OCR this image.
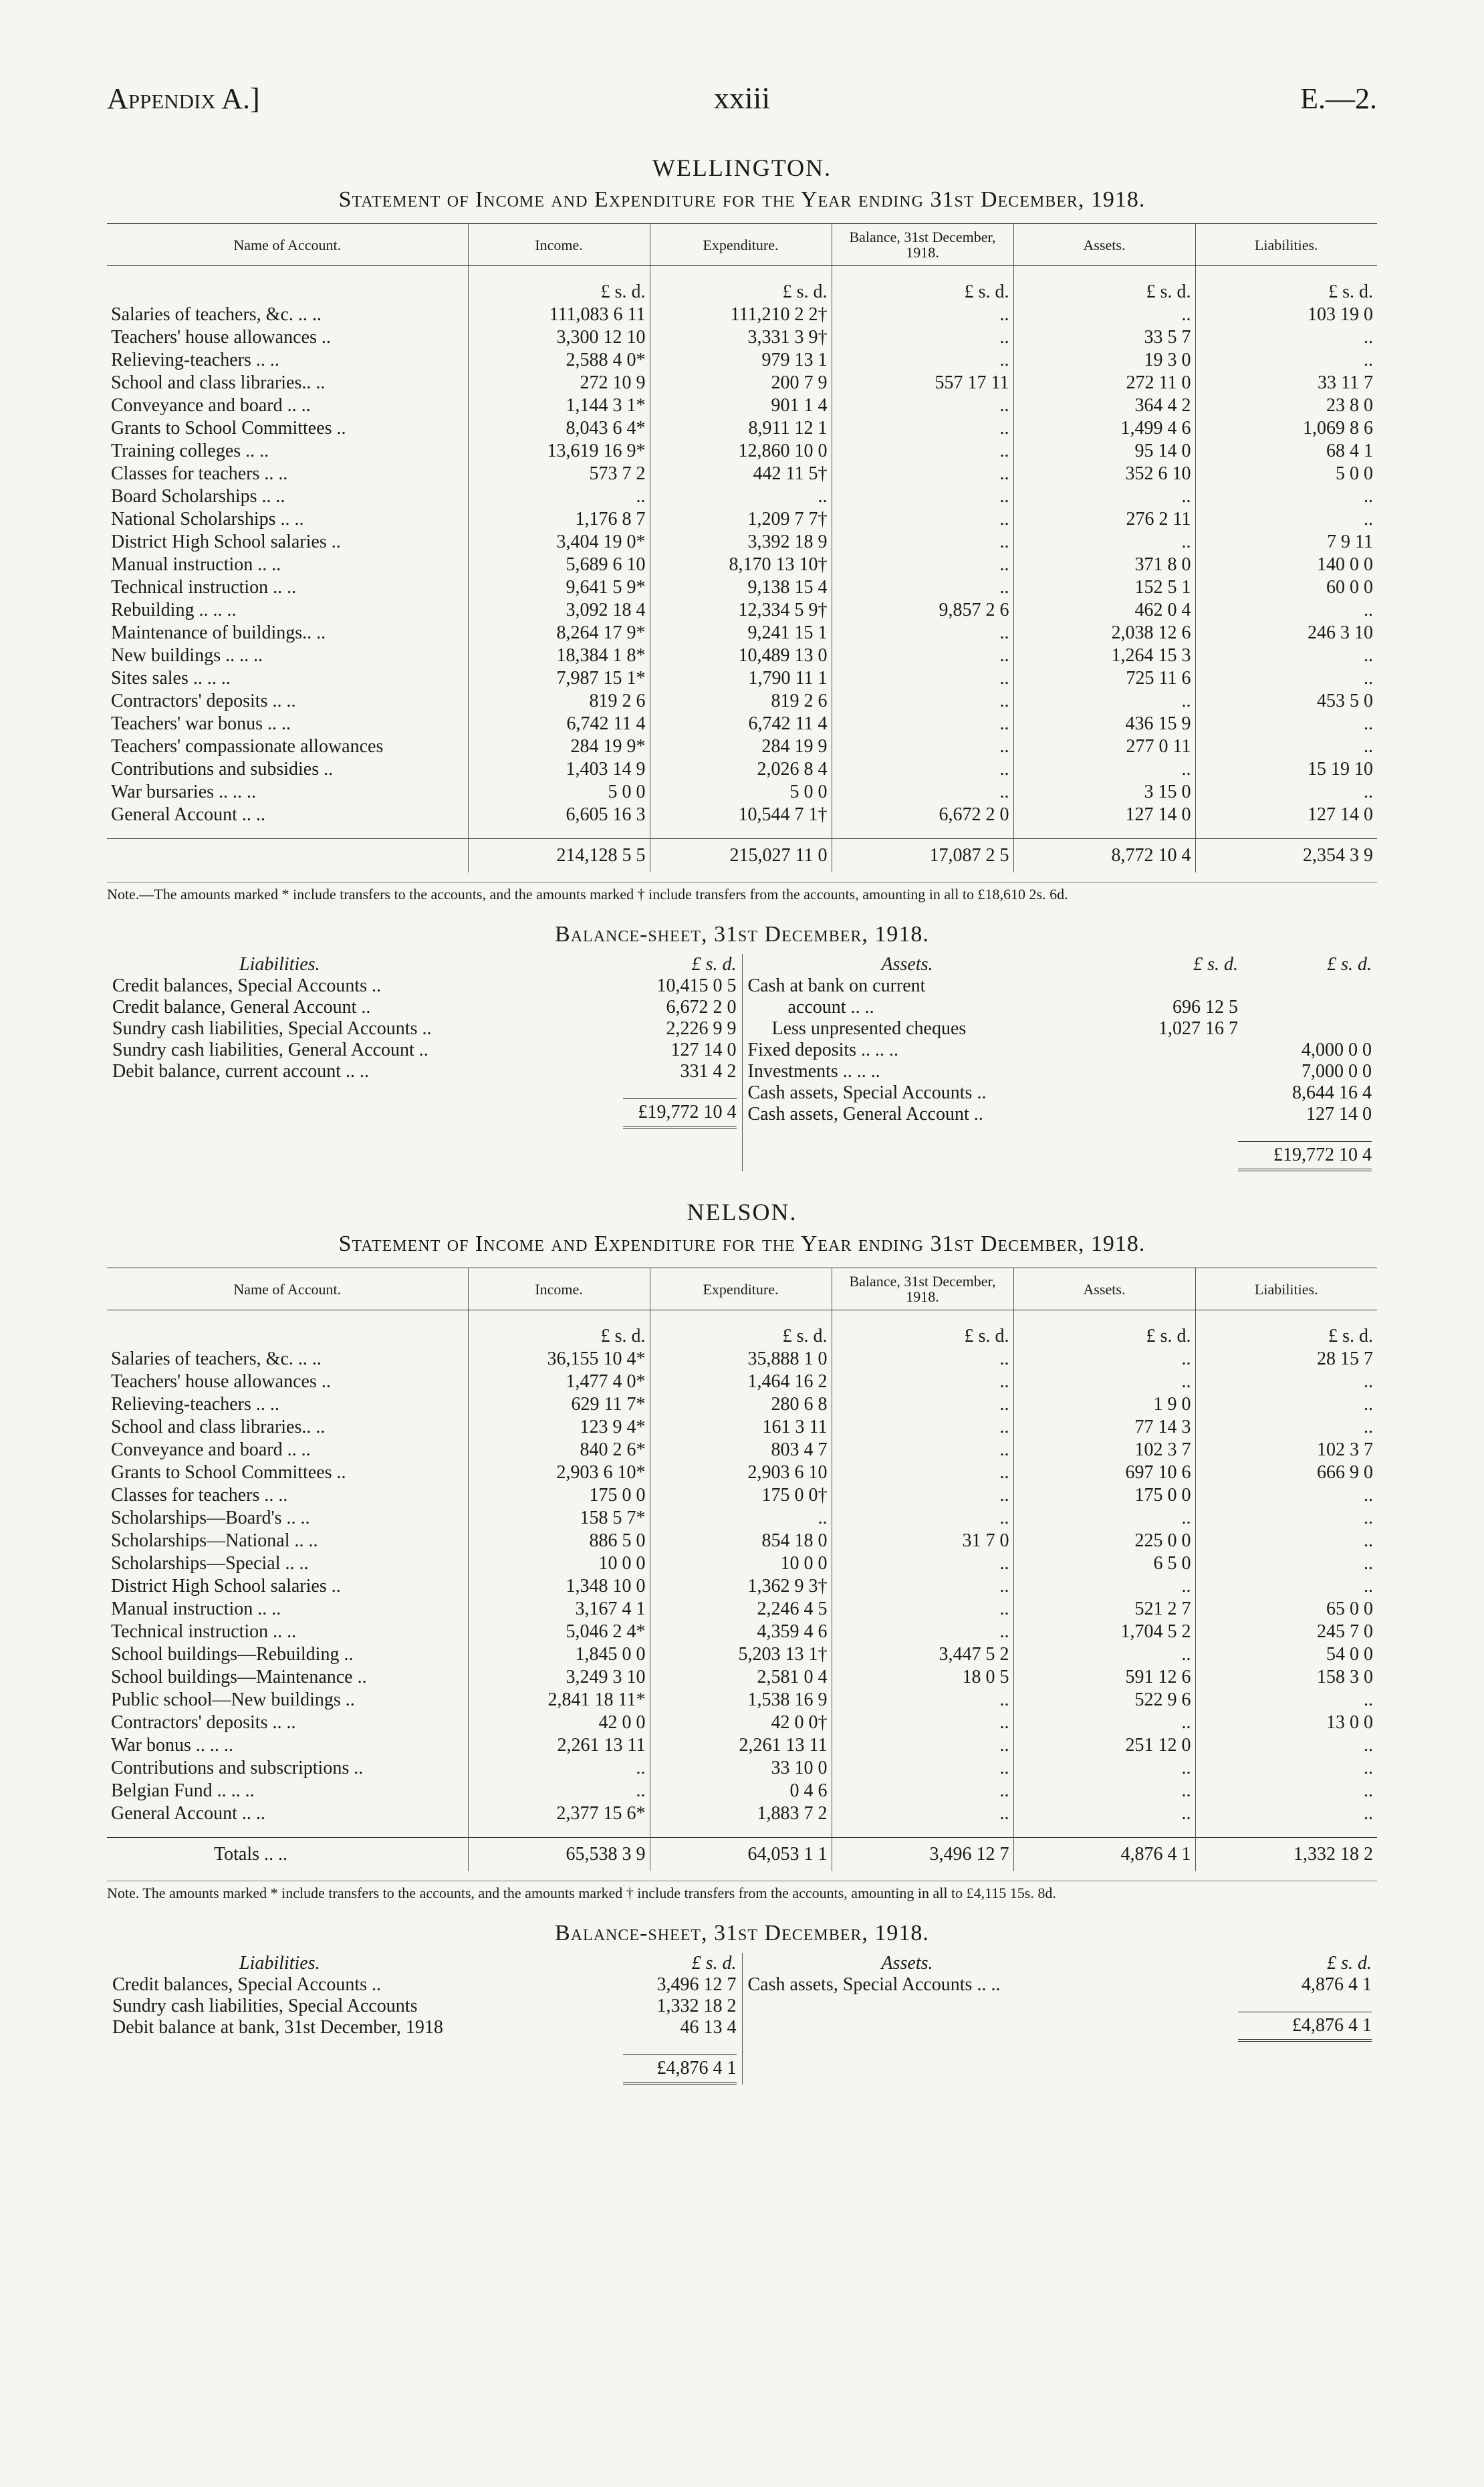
Appendix A.]	xxiii	E.—2.
WELLINGTON.
Statement of Income and Expenditure for the Year ending 31st December, 1918.
Name of Account.	Income.	Expenditure.	Balance, 31st December, 1918.	Assets.	Liabilities.
	£ s. d.	£ s. d.	£ s. d.	£ s. d.	£ s. d.
Salaries of teachers, &c. .. ..	111,083 6 11	111,210 2 2†	..	..	103 19 0
Teachers' house allowances ..	3,300 12 10	3,331 3 9†	..	33 5 7	..
Relieving-teachers .. ..	2,588 4 0*	979 13 1	..	19 3 0	..
School and class libraries.. ..	272 10 9	200 7 9	557 17 11	272 11 0	33 11 7
Conveyance and board .. ..	1,144 3 1*	901 1 4	..	364 4 2	23 8 0
Grants to School Committees ..	8,043 6 4*	8,911 12 1	..	1,499 4 6	1,069 8 6
Training colleges .. ..	13,619 16 9*	12,860 10 0	..	95 14 0	68 4 1
Classes for teachers .. ..	573 7 2	442 11 5†	..	352 6 10	5 0 0
Board Scholarships .. ..	..	..	..	..	..
National Scholarships .. ..	1,176 8 7	1,209 7 7†	..	276 2 11	..
District High School salaries ..	3,404 19 0*	3,392 18 9	..	..	7 9 11
Manual instruction .. ..	5,689 6 10	8,170 13 10†	..	371 8 0	140 0 0
Technical instruction .. ..	9,641 5 9*	9,138 15 4	..	152 5 1	60 0 0
Rebuilding .. .. ..	3,092 18 4	12,334 5 9†	9,857 2 6	462 0 4	..
Maintenance of buildings.. ..	8,264 17 9*	9,241 15 1	..	2,038 12 6	246 3 10
New buildings .. .. ..	18,384 1 8*	10,489 13 0	..	1,264 15 3	..
Sites sales .. .. ..	7,987 15 1*	1,790 11 1	..	725 11 6	..
Contractors' deposits .. ..	819 2 6	819 2 6	..	..	453 5 0
Teachers' war bonus .. ..	6,742 11 4	6,742 11 4	..	436 15 9	..
Teachers' compassionate allowances	284 19 9*	284 19 9	..	277 0 11	..
Contributions and subsidies ..	1,403 14 9	2,026 8 4	..	..	15 19 10
War bursaries .. .. ..	5 0 0	5 0 0	..	3 15 0	..
General Account .. ..	6,605 16 3	10,544 7 1†	6,672 2 0	127 14 0	127 14 0

	214,128 5 5	215,027 11 0	17,087 2 5	8,772 10 4	2,354 3 9
Note.—The amounts marked * include transfers to the accounts, and the amounts marked † include transfers from the accounts, amounting in all to £18,610 2s. 6d.
Balance-sheet, 31st December, 1918.
Liabilities.	£ s. d.
Credit balances, Special Accounts ..	10,415 0 5
Credit balance, General Account ..	6,672 2 0
Sundry cash liabilities, Special Accounts ..	2,226 9 9
Sundry cash liabilities, General Account ..	127 14 0
Debit balance, current account .. ..	331 4 2
£19,772 10 4
Assets.	£ s. d.	£ s. d.
Cash at bank on current
account .. ..	696 12 5
Less unpresented cheques	1,027 16 7
Fixed deposits .. .. ..	4,000 0 0
Investments .. .. ..	7,000 0 0
Cash assets, Special Accounts ..	8,644 16 4
Cash assets, General Account ..	127 14 0
£19,772 10 4
NELSON.
Statement of Income and Expenditure for the Year ending 31st December, 1918.
Name of Account.	Income.	Expenditure.	Balance, 31st December, 1918.	Assets.	Liabilities.
	£ s. d.	£ s. d.	£ s. d.	£ s. d.	£ s. d.
Salaries of teachers, &c. .. ..	36,155 10 4*	35,888 1 0	..	..	28 15 7
Teachers' house allowances ..	1,477 4 0*	1,464 16 2	..	..	..
Relieving-teachers .. ..	629 11 7*	280 6 8	..	1 9 0	..
School and class libraries.. ..	123 9 4*	161 3 11	..	77 14 3	..
Conveyance and board .. ..	840 2 6*	803 4 7	..	102 3 7	102 3 7
Grants to School Committees ..	2,903 6 10*	2,903 6 10	..	697 10 6	666 9 0
Classes for teachers .. ..	175 0 0	175 0 0†	..	175 0 0	..
Scholarships—Board's .. ..	158 5 7*	..	..	..	..
Scholarships—National .. ..	886 5 0	854 18 0	31 7 0	225 0 0	..
Scholarships—Special .. ..	10 0 0	10 0 0	..	6 5 0	..
District High School salaries ..	1,348 10 0	1,362 9 3†	..	..	..
Manual instruction .. ..	3,167 4 1	2,246 4 5	..	521 2 7	65 0 0
Technical instruction .. ..	5,046 2 4*	4,359 4 6	..	1,704 5 2	245 7 0
School buildings—Rebuilding ..	1,845 0 0	5,203 13 1†	3,447 5 2	..	54 0 0
School buildings—Maintenance ..	3,249 3 10	2,581 0 4	18 0 5	591 12 6	158 3 0
Public school—New buildings ..	2,841 18 11*	1,538 16 9	..	522 9 6	..
Contractors' deposits .. ..	42 0 0	42 0 0†	..	..	13 0 0
War bonus .. .. ..	2,261 13 11	2,261 13 11	..	251 12 0	..
Contributions and subscriptions ..	..	33 10 0	..	..	..
Belgian Fund .. .. ..	..	0 4 6	..	..	..
General Account .. ..	2,377 15 6*	1,883 7 2	..	..	..

Totals .. ..	65,538 3 9	64,053 1 1	3,496 12 7	4,876 4 1	1,332 18 2
Note. The amounts marked * include transfers to the accounts, and the amounts marked † include transfers from the accounts, amounting in all to £4,115 15s. 8d.
Balance-sheet, 31st December, 1918.
Liabilities.	£ s. d.
Credit balances, Special Accounts ..	3,496 12 7
Sundry cash liabilities, Special Accounts	1,332 18 2
Debit balance at bank, 31st December, 1918	46 13 4
£4,876 4 1
Assets.	£ s. d.
Cash assets, Special Accounts .. ..	4,876 4 1
£4,876 4 1
